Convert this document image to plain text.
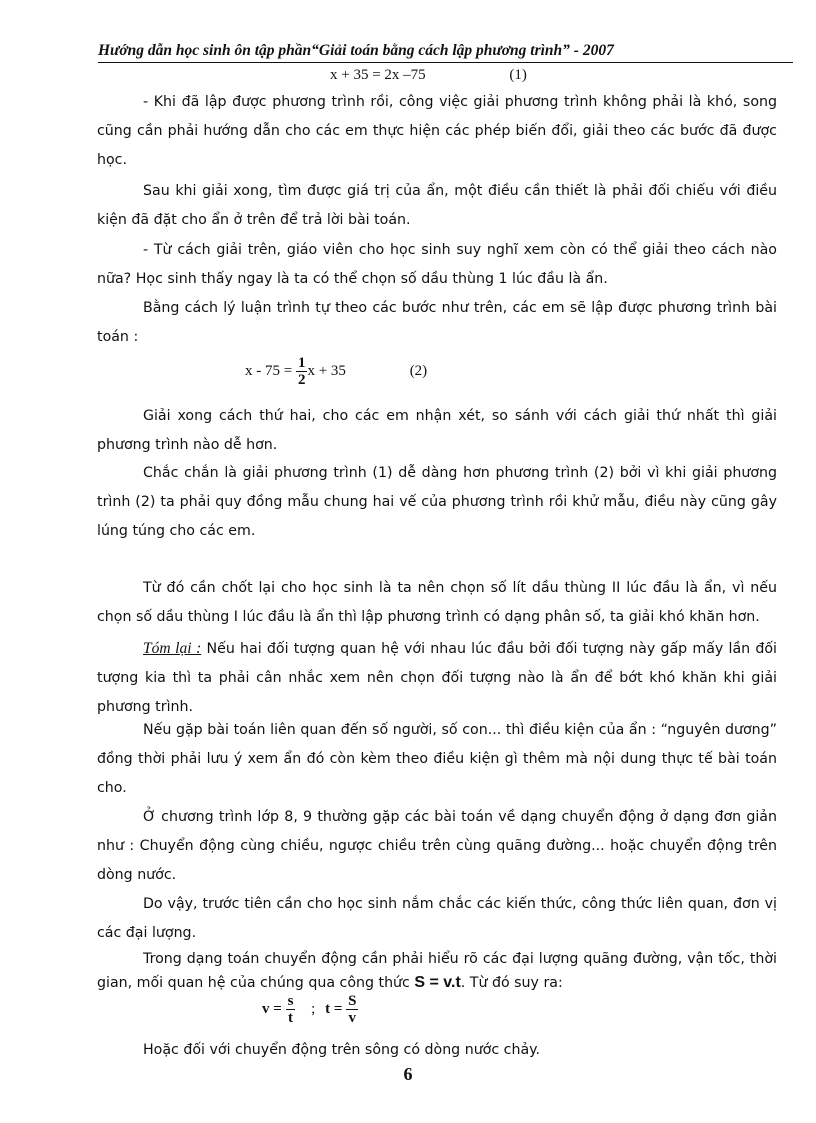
Hướng dẫn học sinh ôn tập phần“Giải toán bằng cách lập phương trình” - 2007
x + 35 = 2x –75	(1)

- Khi đã lập được phương trình rồi, công việc giải phương trình không phải là khó, song cũng cần phải hướng dẫn cho các em thực hiện các phép biến đổi, giải theo các bước đã được học.

Sau khi giải xong, tìm được giá trị của ẩn, một điều cần thiết là phải đối chiếu với điều kiện đã đặt cho ẩn ở trên để trả lời bài toán.

- Từ cách giải trên, giáo viên cho học sinh suy nghĩ xem còn có thể giải theo cách nào nữa? Học sinh thấy ngay là ta có thể chọn số dầu thùng 1 lúc đầu là ẩn.

Bằng cách lý luận trình tự theo các bước như trên, các em sẽ lập được phương trình bài toán :

$x - 75 = \frac{1}{2}$ x + 35	(2)

Giải xong cách thứ hai, cho các em nhận xét, so sánh với cách giải thứ nhất thì giải phương trình nào dễ hơn.

Chắc chắn là giải phương trình (1) dễ dàng hơn phương trình (2) bởi vì khi giải phương trình (2) ta phải quy đồng mẫu chung hai vế của phương trình rồi khử mẫu, điều này cũng gây lúng túng cho các em.

Từ đó cần chốt lại cho học sinh là ta nên chọn số lít dầu thùng II lúc đầu là ẩn, vì nếu chọn số dầu thùng I lúc đầu là ẩn thì lập phương trình có dạng phân số, ta giải khó khăn hơn.

Tóm lại : Nếu hai đối tượng quan hệ với nhau lúc đầu bởi đối tượng này gấp mấy lần đối tượng kia thì ta phải cân nhắc xem nên chọn đối tượng nào là ẩn để bớt khó khăn khi giải phương trình.

Nếu gặp bài toán liên quan đến số người, số con... thì điều kiện của ẩn : “nguyên dương” đồng thời phải lưu ý xem ẩn đó còn kèm theo điều kiện gì thêm mà nội dung thực tế bài toán cho.

Ở chương trình lớp 8, 9 thường gặp các bài toán về dạng chuyển động ở dạng đơn giản như : Chuyển động cùng chiều, ngược chiều trên cùng quãng đường... hoặc chuyển động trên dòng nước.

Do vậy, trước tiên cần cho học sinh nắm chắc các kiến thức, công thức liên quan, đơn vị các đại lượng.

Trong dạng toán chuyển động cần phải hiểu rõ các đại lượng quãng đường, vận tốc, thời gian, mối quan hệ của chúng qua công thức S = v.t. Từ đó suy ra:

$v = \frac{s}{t}$ ; $t = \frac{S}{v}$

Hoặc đối với chuyển động trên sông có dòng nước chảy.

6
